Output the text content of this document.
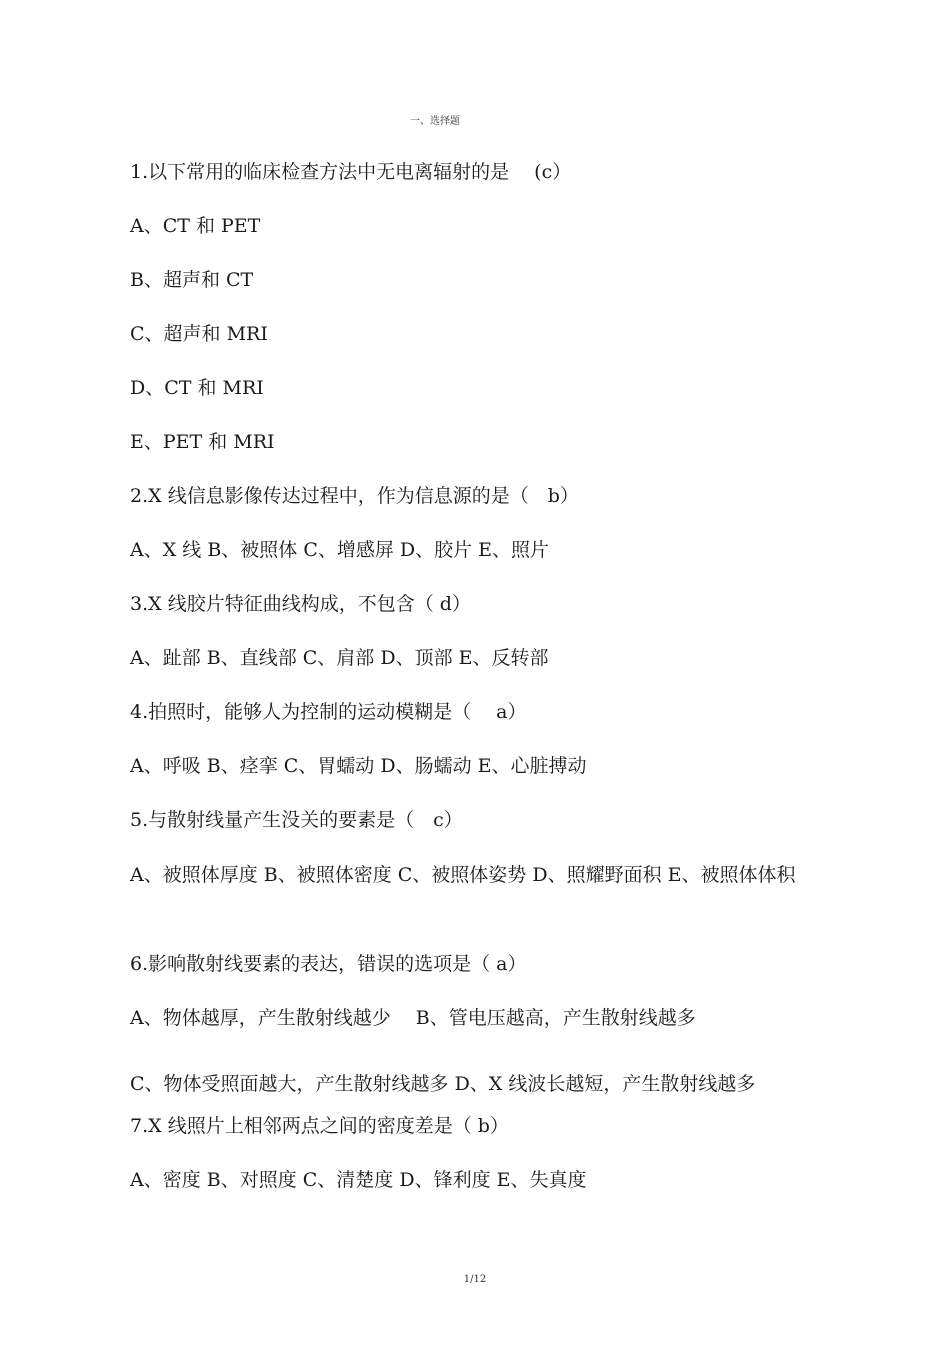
一、选择题
1.以下常用的临床检查方法中无电离辐射的是  (c）
A、CT 和 PET
B、超声和 CT
C、超声和 MRI
D、CT 和 MRI
E、PET 和 MRI
2.X 线信息影像传达过程中，作为信息源的是（ b）
A、X 线 B、被照体 C、增感屏 D、胶片 E、照片
3.X 线胶片特征曲线构成，不包含（ d）
A、趾部 B、直线部 C、肩部 D、顶部 E、反转部
4.拍照时，能够人为控制的运动模糊是（  a）
A、呼吸 B、痉挛 C、胃蠕动 D、肠蠕动 E、心脏搏动
5.与散射线量产生没关的要素是（ c）
A、被照体厚度 B、被照体密度 C、被照体姿势 D、照耀野面积 E、被照体体积
6.影响散射线要素的表达，错误的选项是（ a）
A、物体越厚，产生散射线越少  B、管电压越高，产生散射线越多
C、物体受照面越大，产生散射线越多 D、X 线波长越短，产生散射线越多
7.X 线照片上相邻两点之间的密度差是（ b）
A、密度 B、对照度 C、清楚度 D、锋利度 E、失真度
1/12
